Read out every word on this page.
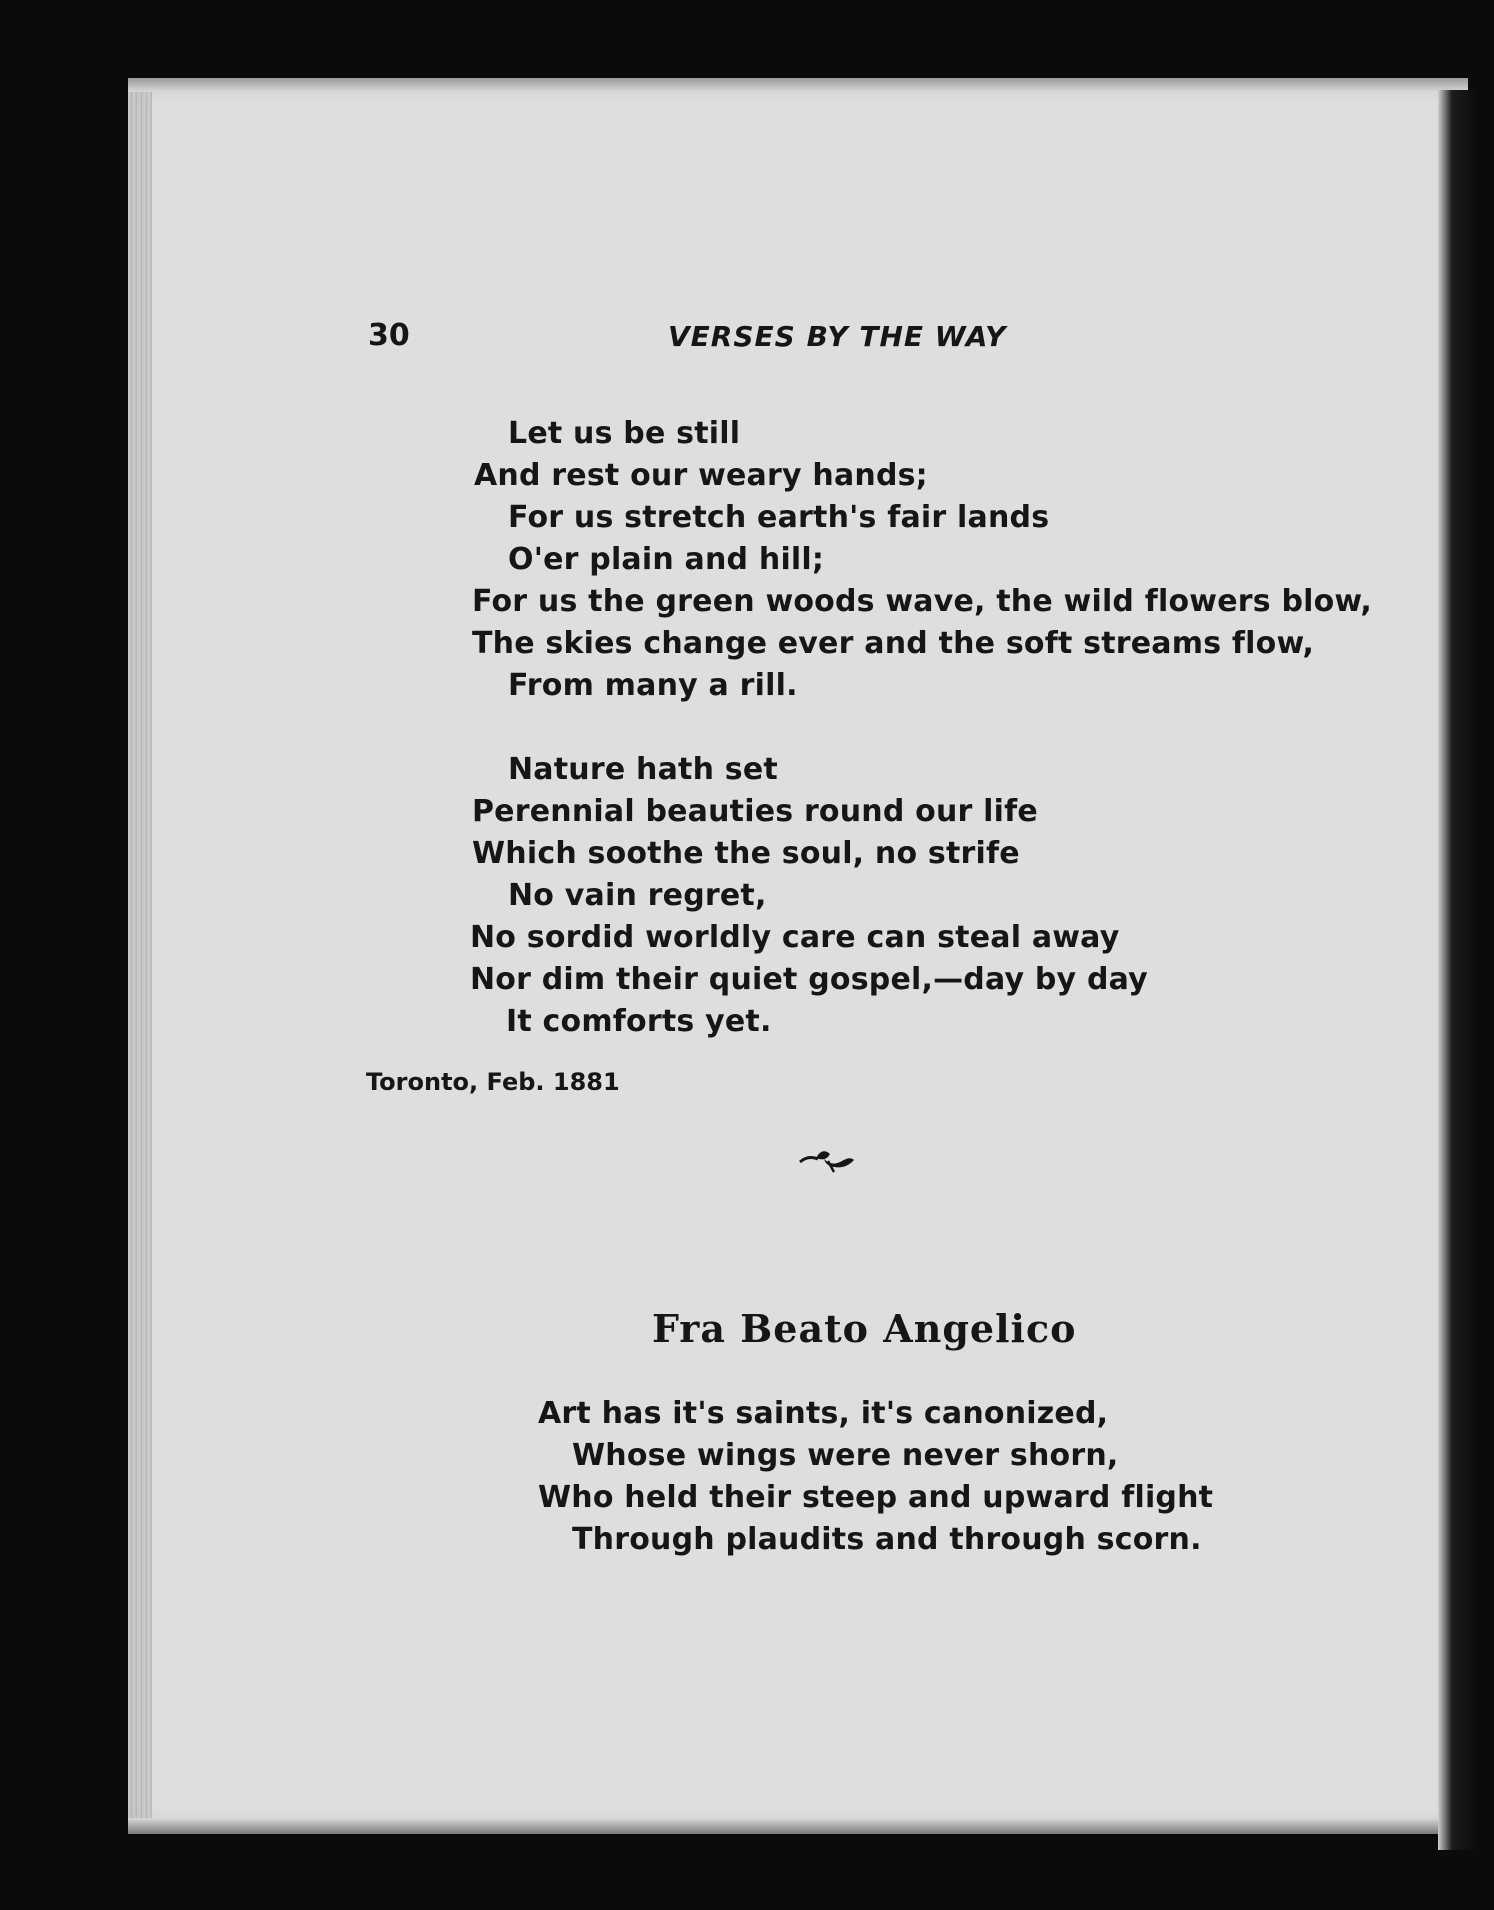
30	VERSES BY THE WAY
Let us be still
And rest our weary hands;
For us stretch earth's fair lands
O'er plain and hill;
For us the green woods wave, the wild flowers blow,
The skies change ever and the soft streams flow,
From many a rill.
Nature hath set
Perennial beauties round our life
Which soothe the soul, no strife
No vain regret,
No sordid worldly care can steal away
Nor dim their quiet gospel,—day by day
It comforts yet.
Toronto, Feb. 1881
Fra Beato Angelico
Art has it's saints, it's canonized,
Whose wings were never shorn,
Who held their steep and upward flight
Through plaudits and through scorn.
